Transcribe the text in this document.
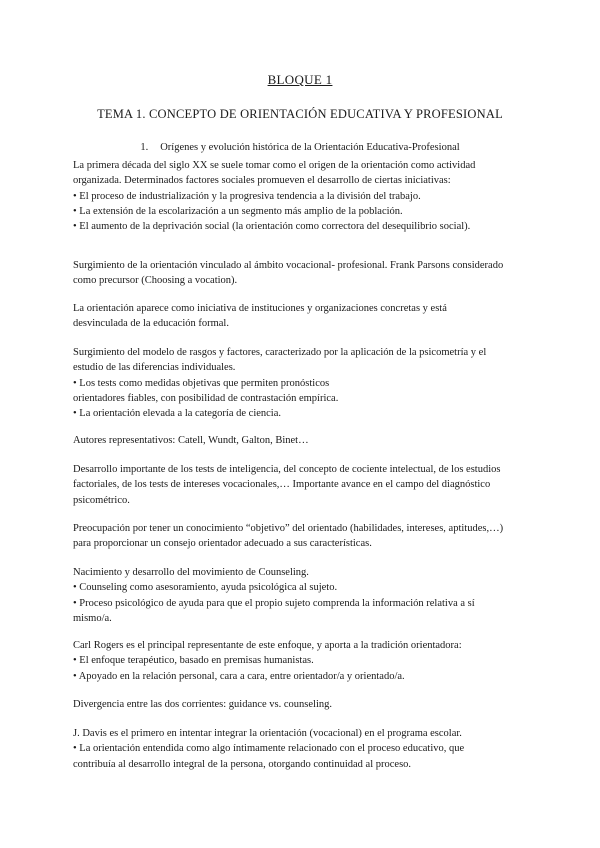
BLOQUE 1
TEMA 1. CONCEPTO DE ORIENTACIÓN EDUCATIVA Y PROFESIONAL
1. Orígenes y evolución histórica de la Orientación Educativa-Profesional
La primera década del siglo XX se suele tomar como el origen de la orientación como actividad
organizada. Determinados factores sociales promueven el desarrollo de ciertas iniciativas:
• El proceso de industrialización y la progresiva tendencia a la división del trabajo.
• La extensión de la escolarización a un segmento más amplio de la población.
• El aumento de la deprivación social (la orientación como correctora del desequilibrio social).
Surgimiento de la orientación vinculado al ámbito vocacional- profesional. Frank Parsons considerado
como precursor (Choosing a vocation).
La orientación aparece como iniciativa de instituciones y organizaciones concretas y está
desvinculada de la educación formal.
Surgimiento del modelo de rasgos y factores, caracterizado por la aplicación de la psicometría y el
estudio de las diferencias individuales.
• Los tests como medidas objetivas que permiten pronósticos
orientadores fiables, con posibilidad de contrastación empírica.
• La orientación elevada a la categoría de ciencia.
Autores representativos: Catell, Wundt, Galton, Binet…
Desarrollo importante de los tests de inteligencia, del concepto de cociente intelectual, de los estudios
factoriales, de los tests de intereses vocacionales,… Importante avance en el campo del diagnóstico
psicométrico.
Preocupación por tener un conocimiento “objetivo” del orientado (habilidades, intereses, aptitudes,…)
para proporcionar un consejo orientador adecuado a sus características.
Nacimiento y desarrollo del movimiento de Counseling.
• Counseling como asesoramiento, ayuda psicológica al sujeto.
• Proceso psicológico de ayuda para que el propio sujeto comprenda la información relativa a sí
mismo/a.
Carl Rogers es el principal representante de este enfoque, y aporta a la tradición orientadora:
• El enfoque terapéutico, basado en premisas humanistas.
• Apoyado en la relación personal, cara a cara, entre orientador/a y orientado/a.
Divergencia entre las dos corrientes: guidance vs. counseling.
J. Davis es el primero en intentar integrar la orientación (vocacional) en el programa escolar.
• La orientación entendida como algo íntimamente relacionado con el proceso educativo, que
contribuía al desarrollo integral de la persona, otorgando continuidad al proceso.
